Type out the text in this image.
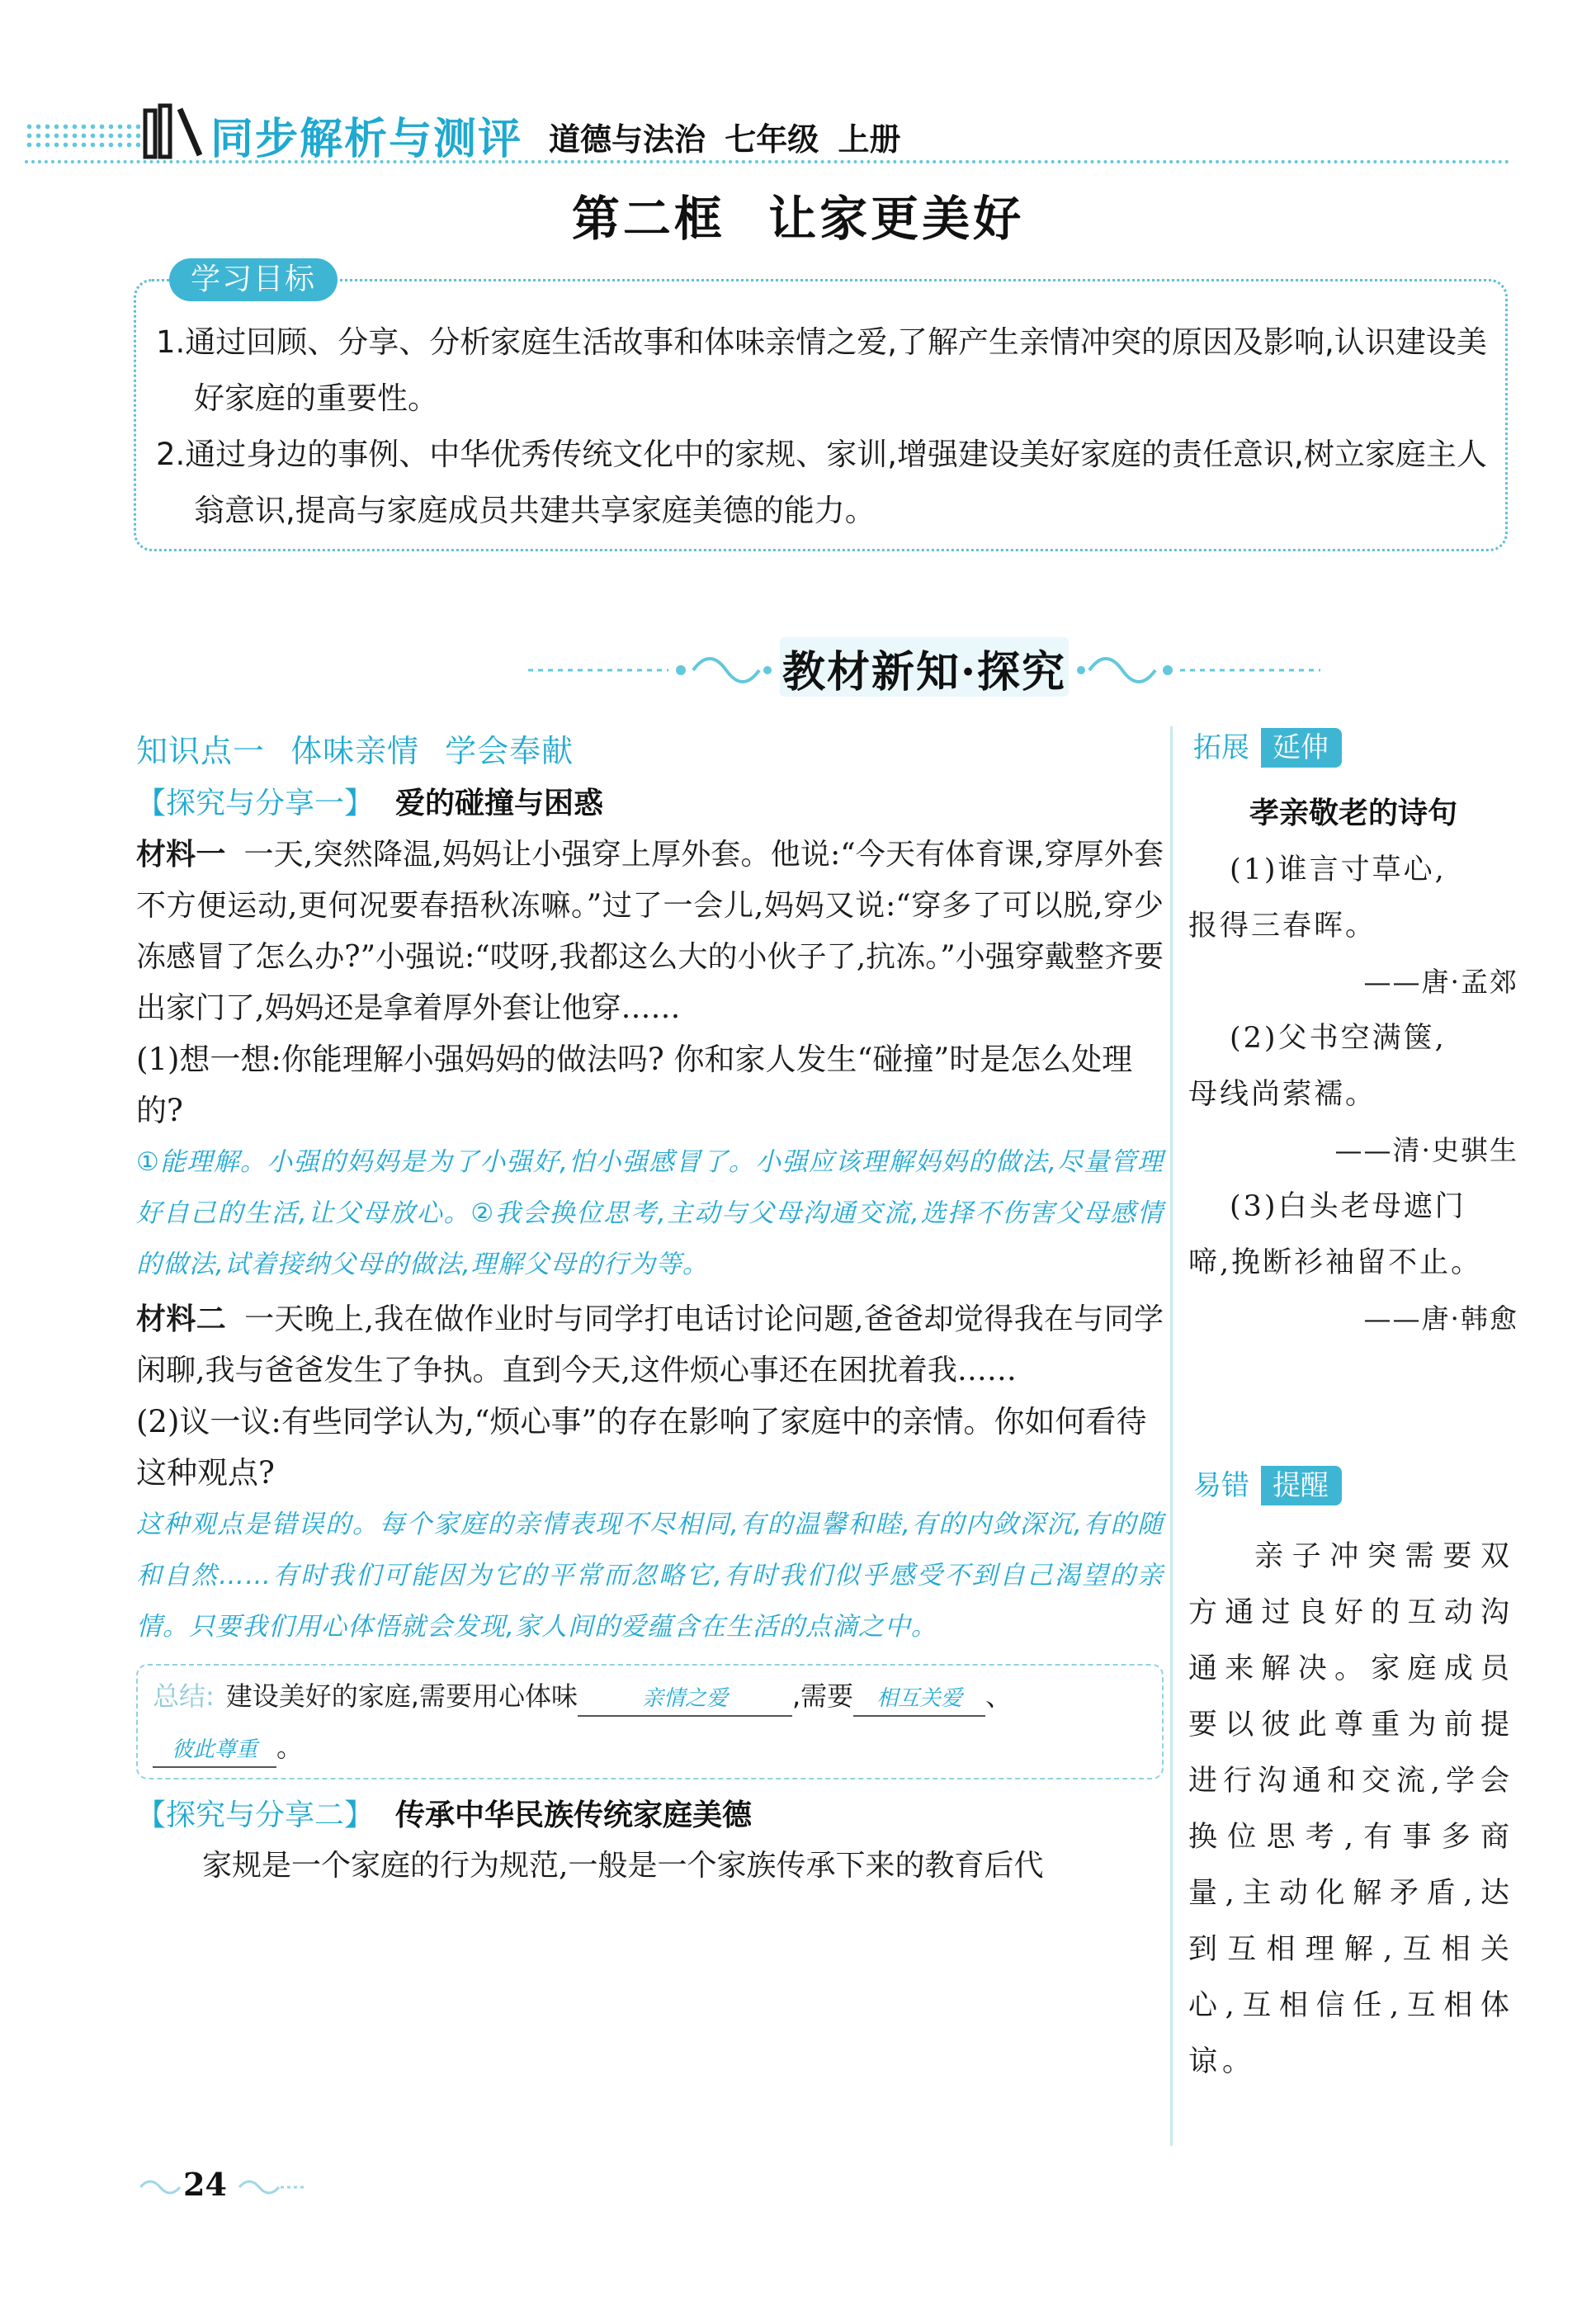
同步解析与测评 道德与法治 七年级 上册
第二框 让家更美好
学习目标
1.通过回顾、分享、分析家庭生活故事和体味亲情之爱,了解产生亲情冲突的原因及影响,认识建设美好家庭的重要性。
2.通过身边的事例、中华优秀传统文化中的家规、家训,增强建设美好家庭的责任意识,树立家庭主人翁意识,提高与家庭成员共建共享家庭美德的能力。
教材新知·探究
知识点一 体味亲情 学会奉献
【探究与分享一】 爱的碰撞与困惑
材料一 一天,突然降温,妈妈让小强穿上厚外套。他说:“今天有体育课,穿厚外套不方便运动,更何况要春捂秋冻嘛。”过了一会儿,妈妈又说:“穿多了可以脱,穿少冻感冒了怎么办?”小强说:“哎呀,我都这么大的小伙子了,抗冻。”小强穿戴整齐要出家门了,妈妈还是拿着厚外套让他穿……
(1)想一想:你能理解小强妈妈的做法吗? 你和家人发生“碰撞”时是怎么处理的?
①能理解。小强的妈妈是为了小强好,怕小强感冒了。小强应该理解妈妈的做法,尽量管理好自己的生活,让父母放心。②我会换位思考,主动与父母沟通交流,选择不伤害父母感情的做法,试着接纳父母的做法,理解父母的行为等。
材料二 一天晚上,我在做作业时与同学打电话讨论问题,爸爸却觉得我在与同学闲聊,我与爸爸发生了争执。直到今天,这件烦心事还在困扰着我……
(2)议一议:有些同学认为,“烦心事”的存在影响了家庭中的亲情。你如何看待这种观点?
这种观点是错误的。每个家庭的亲情表现不尽相同,有的温馨和睦,有的内敛深沉,有的随和自然……有时我们可能因为它的平常而忽略它,有时我们似乎感受不到自己渴望的亲情。只要我们用心体悟就会发现,家人间的爱蕴含在生活的点滴之中。
总结: 建设美好的家庭,需要用心体味	亲情之爱 ,需要 相互关爱 、
彼此尊重 。
【探究与分享二】 传承中华民族传统家庭美德
家规是一个家庭的行为规范,一般是一个家族传承下来的教育后代
拓展 延伸
孝亲敬老的诗句
(1)谁言寸草心,
报得三春晖。
——唐·孟郊
(2)父书空满箧,
母线尚萦襦。
——清·史骐生
(3)白头老母遮门
啼,挽断衫袖留不止。
——唐·韩愈
易错 提醒
亲子冲突需要双方通过良好的互动沟通来解决。家庭成员要以彼此尊重为前提进行沟通和交流,学会换位思考,有事多商量,主动化解矛盾,达到互相理解,互相关心,互相信任,互相体谅。
24
